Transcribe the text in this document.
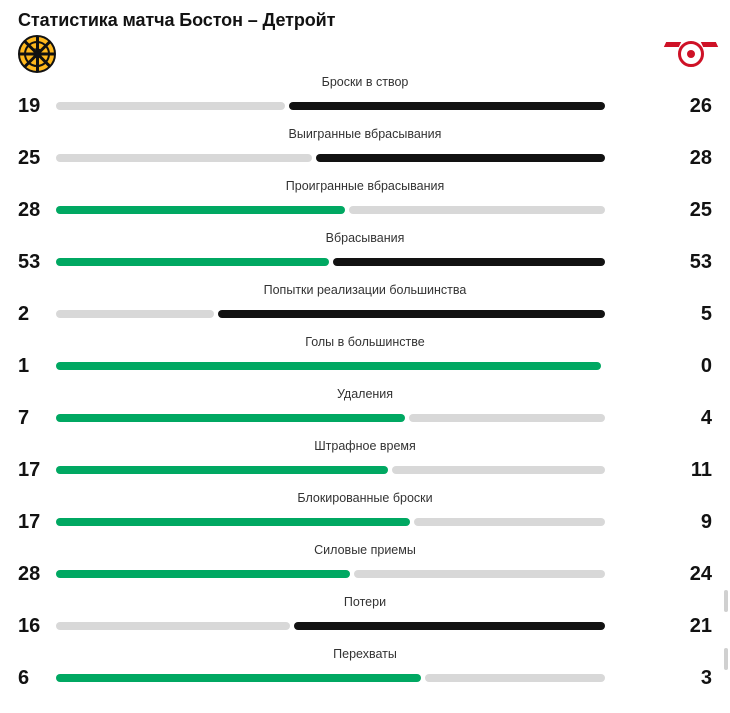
Статистика матча Бостон – Детройт
B
Броски в створ
19	26
Выигранные вбрасывания
25	28
Проигранные вбрасывания
28	25
Вбрасывания
53	53
Попытки реализации большинства
2	5
Голы в большинстве
1	0
Удаления
7	4
Штрафное время
17	11
Блокированные броски
17	9
Силовые приемы
28	24
Потери
16	21
Перехваты
6	3
